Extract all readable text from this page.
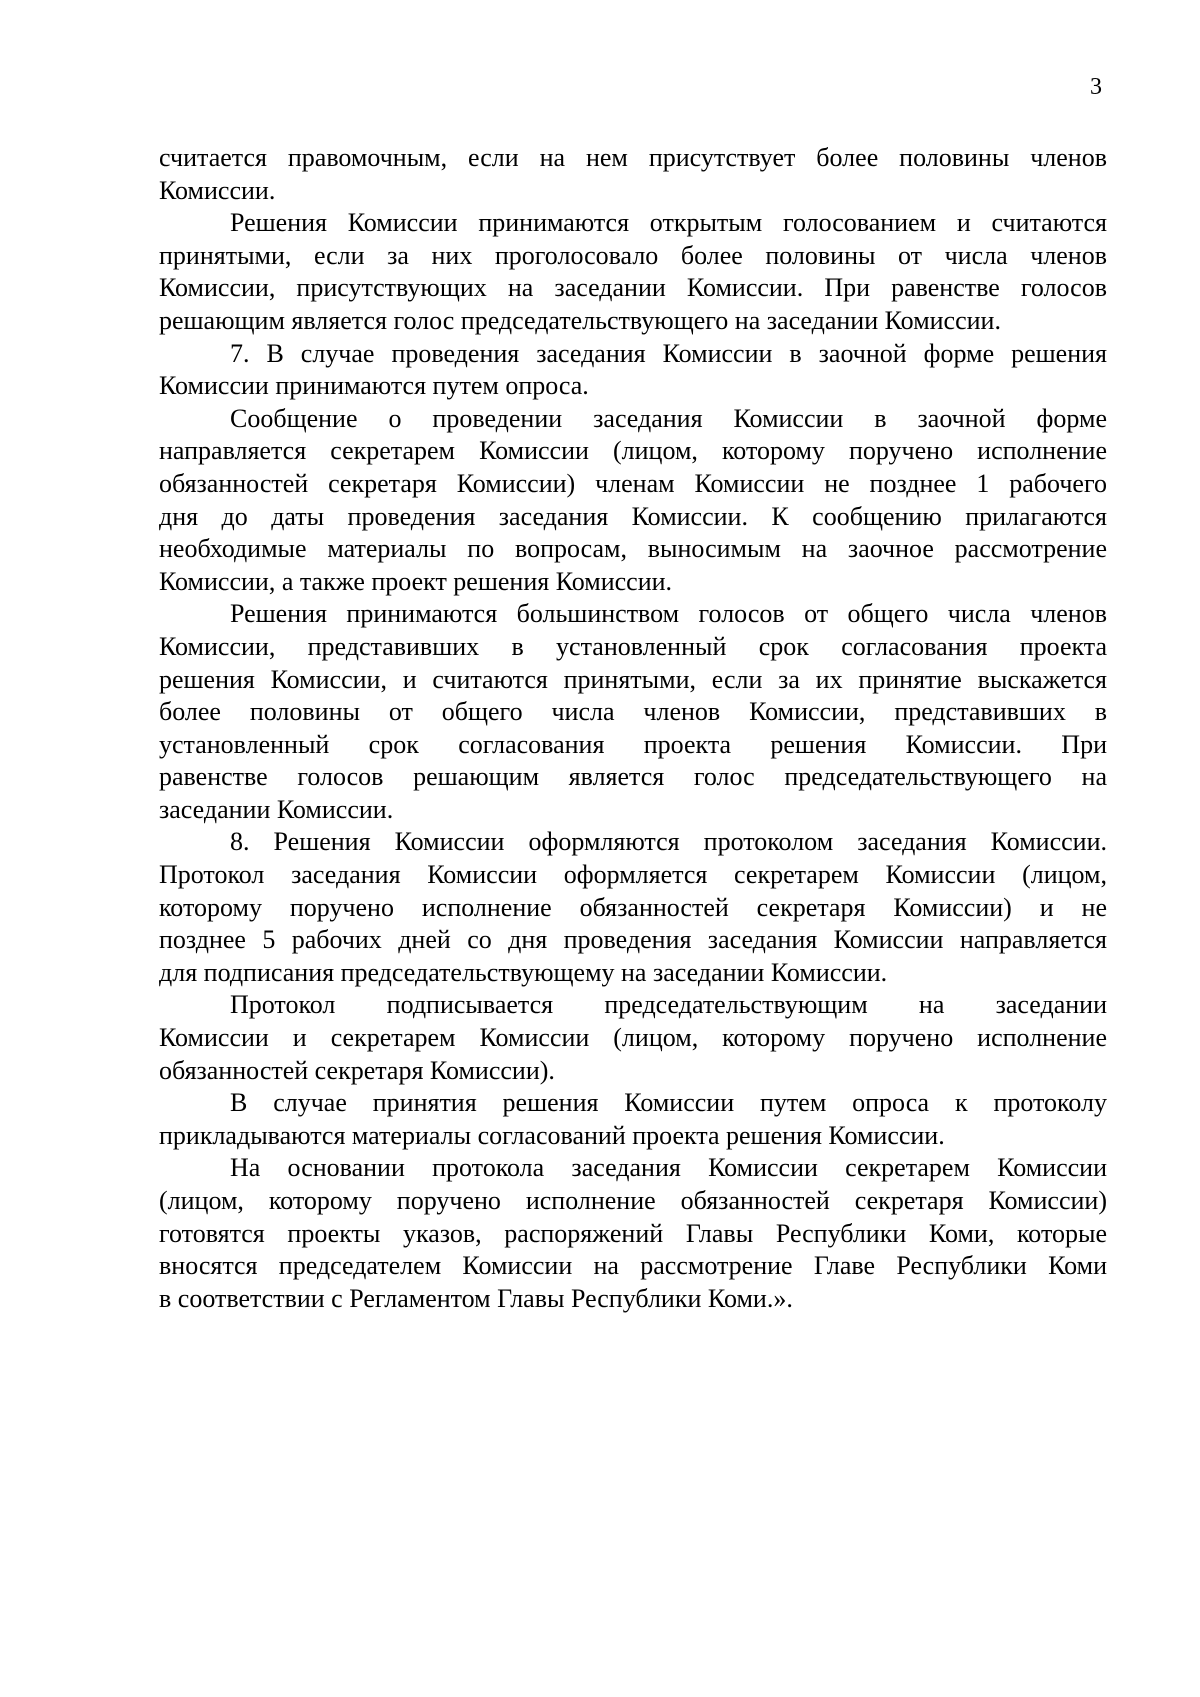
3
считается правомочным, если на нем присутствует более половины членов
Комиссии.
Решения Комиссии принимаются открытым голосованием и считаются
принятыми, если за них проголосовало более половины от числа членов
Комиссии, присутствующих на заседании Комиссии. При равенстве голосов
решающим является голос председательствующего на заседании Комиссии.
7. В случае проведения заседания Комиссии в заочной форме решения
Комиссии принимаются путем опроса.
Сообщение о проведении заседания Комиссии в заочной форме
направляется секретарем Комиссии (лицом, которому поручено исполнение
обязанностей секретаря Комиссии) членам Комиссии не позднее 1 рабочего
дня до даты проведения заседания Комиссии. К сообщению прилагаются
необходимые материалы по вопросам, выносимым на заочное рассмотрение
Комиссии, а также проект решения Комиссии.
Решения принимаются большинством голосов от общего числа членов
Комиссии, представивших в установленный срок согласования проекта
решения Комиссии, и считаются принятыми, если за их принятие выскажется
более половины от общего числа членов Комиссии, представивших в
установленный срок согласования проекта решения Комиссии. При
равенстве голосов решающим является голос председательствующего на
заседании Комиссии.
8. Решения Комиссии оформляются протоколом заседания Комиссии.
Протокол заседания Комиссии оформляется секретарем Комиссии (лицом,
которому поручено исполнение обязанностей секретаря Комиссии) и не
позднее 5 рабочих дней со дня проведения заседания Комиссии направляется
для подписания председательствующему на заседании Комиссии.
Протокол подписывается председательствующим на заседании
Комиссии и секретарем Комиссии (лицом, которому поручено исполнение
обязанностей секретаря Комиссии).
В случае принятия решения Комиссии путем опроса к протоколу
прикладываются материалы согласований проекта решения Комиссии.
На основании протокола заседания Комиссии секретарем Комиссии
(лицом, которому поручено исполнение обязанностей секретаря Комиссии)
готовятся проекты указов, распоряжений Главы Республики Коми, которые
вносятся председателем Комиссии на рассмотрение Главе Республики Коми
в соответствии с Регламентом Главы Республики Коми.».
